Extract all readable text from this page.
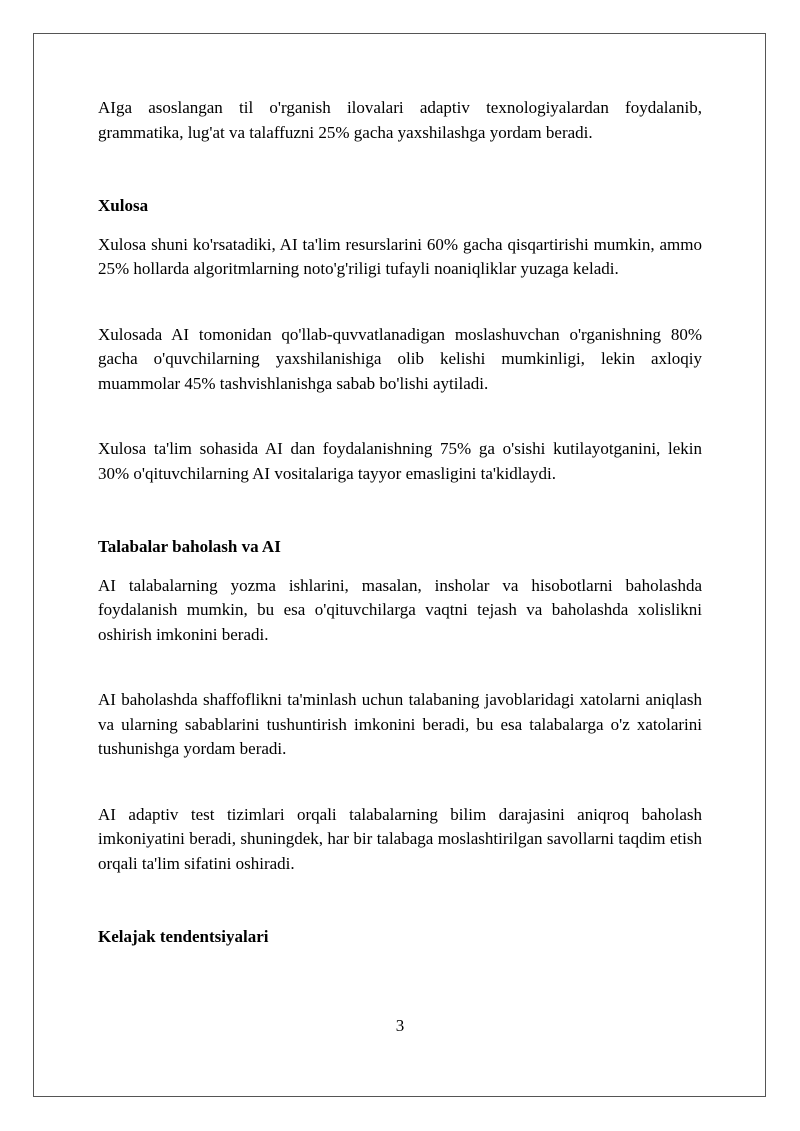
AIga asoslangan til o'rganish ilovalari adaptiv texnologiyalardan foydalanib, grammatika, lug'at va talaffuzni 25% gacha yaxshilashga yordam beradi.

Xulosa

Xulosa shuni ko'rsatadiki, AI ta'lim resurslarini 60% gacha qisqartirishi mumkin, ammo 25% hollarda algoritmlarning noto'g'riligi tufayli noaniqliklar yuzaga keladi.

Xulosada AI tomonidan qo'llab-quvvatlanadigan moslashuvchan o'rganishning 80% gacha o'quvchilarning yaxshilanishiga olib kelishi mumkinligi, lekin axloqiy muammolar 45% tashvishlanishga sabab bo'lishi aytiladi.

Xulosa ta'lim sohasida AI dan foydalanishning 75% ga o'sishi kutilayotganini, lekin 30% o'qituvchilarning AI vositalariga tayyor emasligini ta'kidlaydi.

Talabalar baholash va AI

AI talabalarning yozma ishlarini, masalan, insholar va hisobotlarni baholashda foydalanish mumkin, bu esa o'qituvchilarga vaqtni tejash va baholashda xolislikni oshirish imkonini beradi.

AI baholashda shaffoflikni ta'minlash uchun talabaning javoblaridagi xatolarni aniqlash va ularning sabablarini tushuntirish imkonini beradi, bu esa talabalarga o'z xatolarini tushunishga yordam beradi.

AI adaptiv test tizimlari orqali talabalarning bilim darajasini aniqroq baholash imkoniyatini beradi, shuningdek, har bir talabaga moslashtirilgan savollarni taqdim etish orqali ta'lim sifatini oshiradi.

Kelajak tendentsiyalari

3
